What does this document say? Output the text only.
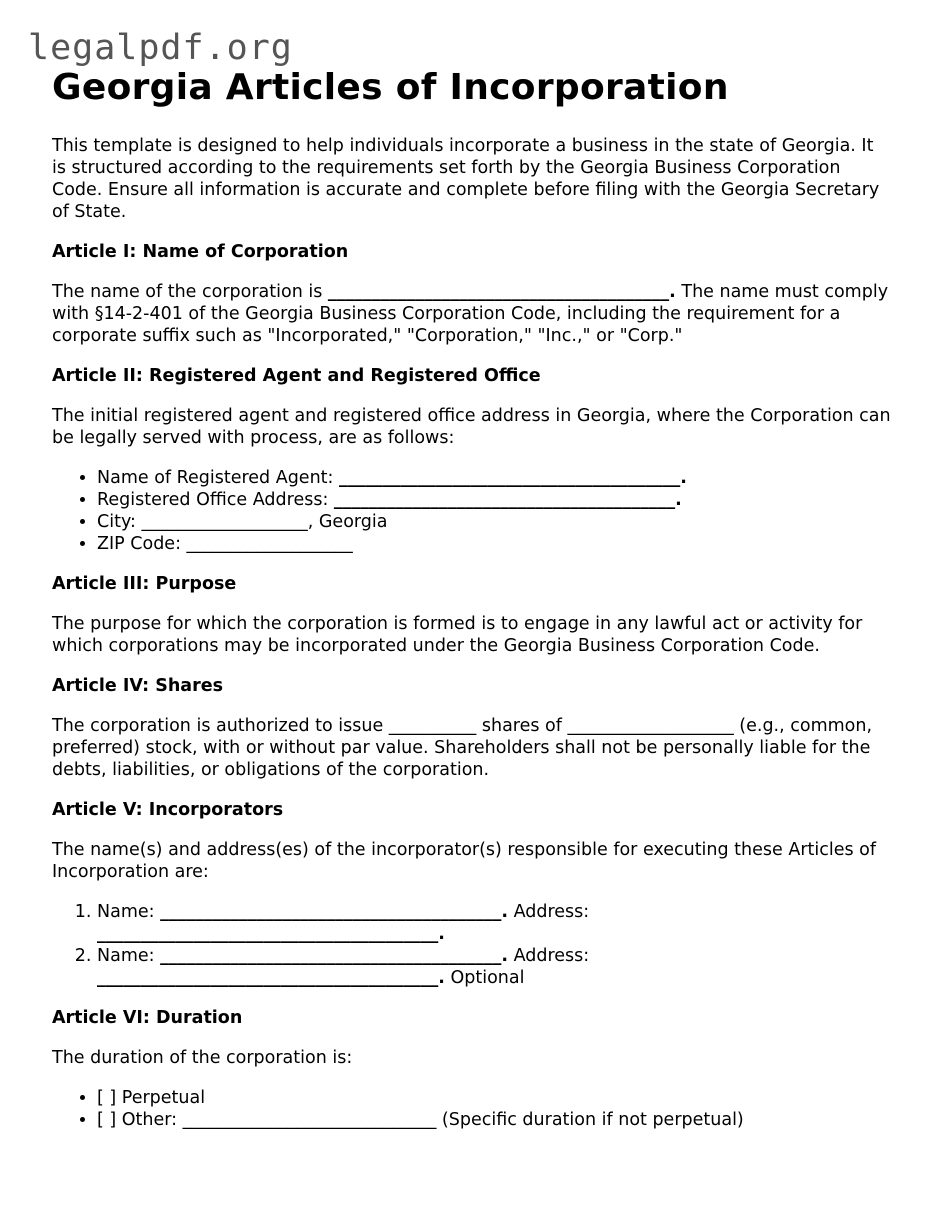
legalpdf.org
Georgia Articles of Incorporation

This template is designed to help individuals incorporate a business in the state of Georgia. It is structured according to the requirements set forth by the Georgia Business Corporation Code. Ensure all information is accurate and complete before filing with the Georgia Secretary of State.

Article I: Name of Corporation

The name of the corporation is _______________________________________. The name must comply with §14-2-401 of the Georgia Business Corporation Code, including the requirement for a corporate suffix such as "Incorporated," "Corporation," "Inc.," or "Corp."

Article II: Registered Agent and Registered Office

The initial registered agent and registered office address in Georgia, where the Corporation can be legally served with process, are as follows:

• Name of Registered Agent: _______________________________________.
• Registered Office Address: _______________________________________.
• City: ___________________, Georgia
• ZIP Code: ___________________
Article III: Purpose

The purpose for which the corporation is formed is to engage in any lawful act or activity for which corporations may be incorporated under the Georgia Business Corporation Code.

Article IV: Shares

The corporation is authorized to issue __________ shares of ___________________ (e.g., common, preferred) stock, with or without par value. Shareholders shall not be personally liable for the debts, liabilities, or obligations of the corporation.

Article V: Incorporators

The name(s) and address(es) of the incorporator(s) responsible for executing these Articles of Incorporation are:

1. Name: _______________________________________. Address:
_______________________________________.
2. Name: _______________________________________. Address:
_______________________________________. Optional
Article VI: Duration

The duration of the corporation is:

• [ ] Perpetual
• [ ] Other: _____________________________ (Specific duration if not perpetual)
